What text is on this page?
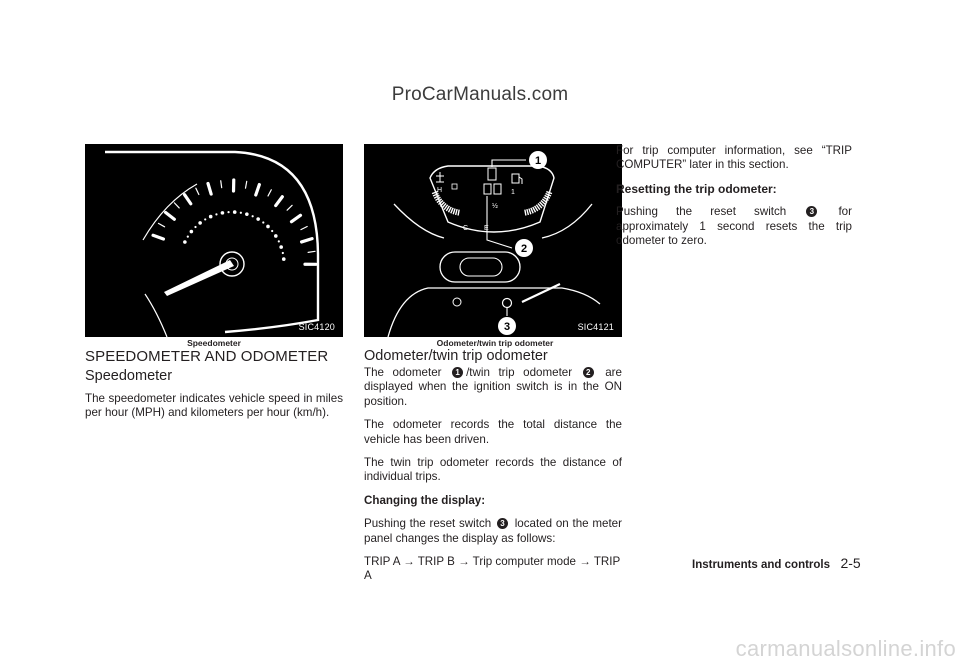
ProCarManuals.com
SIC4120
Speedometer
H
C E
½
1
1
2
3	SIC4121
Odometer/twin trip odometer
SPEEDOMETER AND ODOMETER
Speedometer

The speedometer indicates vehicle speed in miles per hour (MPH) and kilometers per hour (km/h).

Odometer/twin trip odometer

The odometer 1 /twin trip odometer 2 are displayed when the ignition switch is in the ON position.

The odometer records the total distance the vehicle has been driven.

The twin trip odometer records the distance of individual trips.

Changing the display:

Pushing the reset switch 3 located on the meter panel changes the display as follows:

TRIP A → TRIP B → Trip computer mode → TRIP A

For trip computer information, see “TRIP COMPUTER” later in this section.

Resetting the trip odometer:

Pushing the reset switch	3 for approximately 1 second resets the trip odometer to zero.

Instruments and controls 2-5
carmanualsonline.info
